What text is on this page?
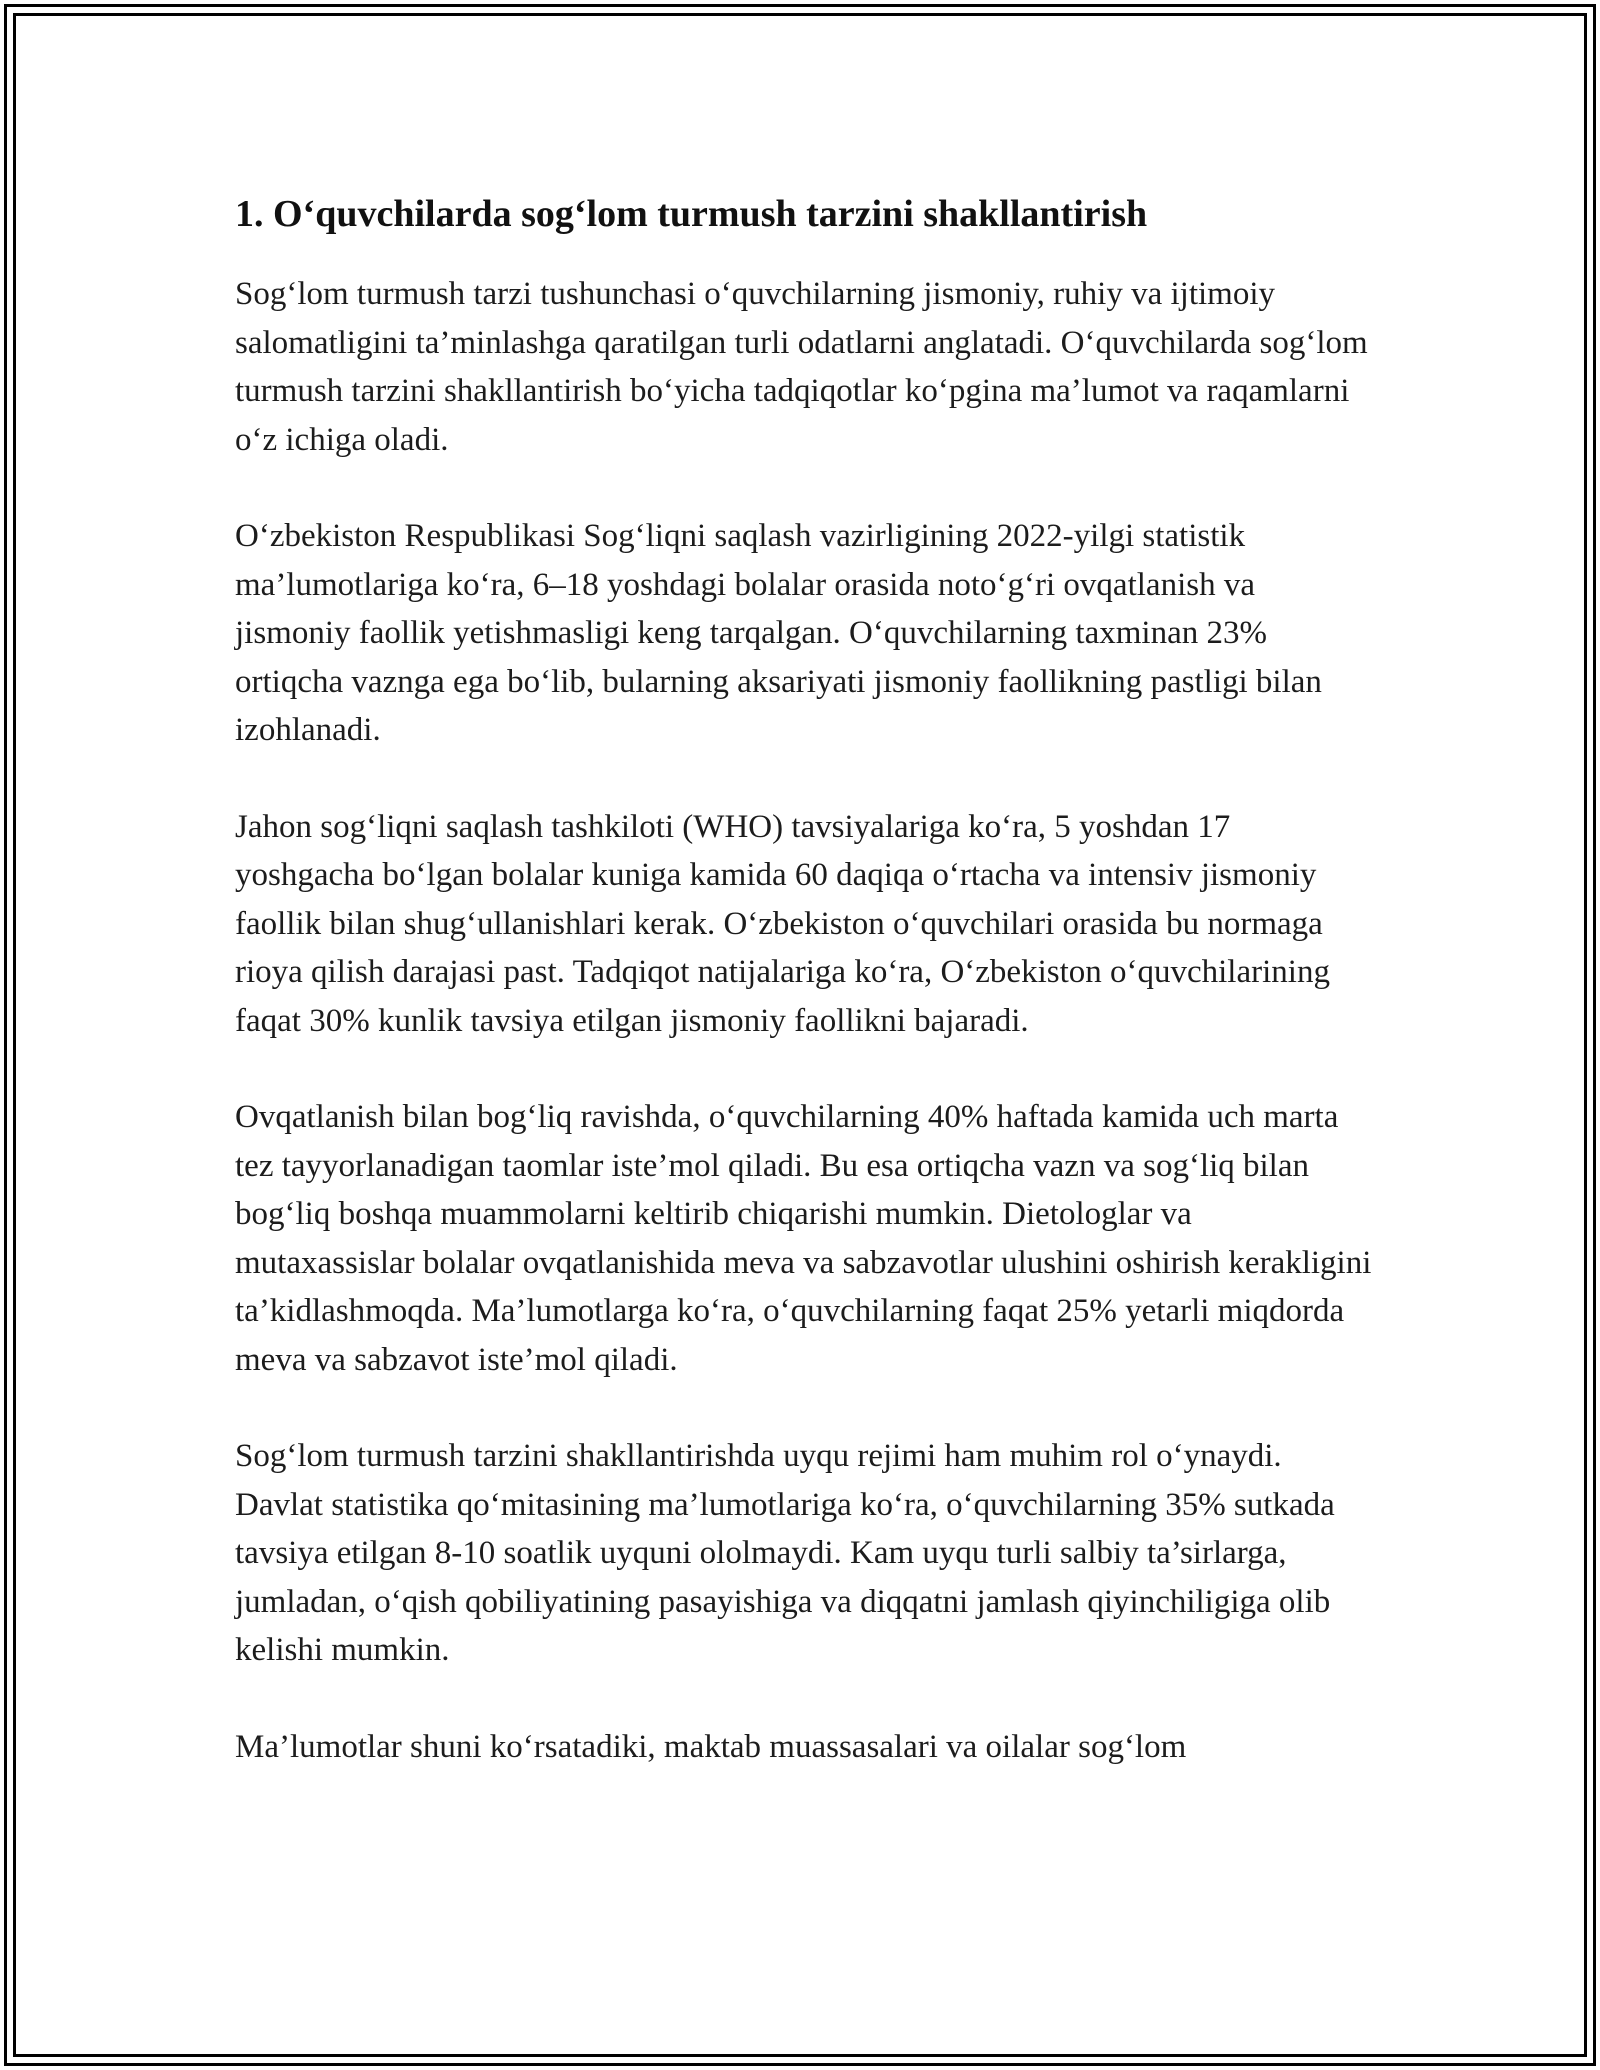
1. O‘quvchilarda sog‘lom turmush tarzini shakllantirish

Sog‘lom turmush tarzi tushunchasi o‘quvchilarning jismoniy, ruhiy va ijtimoiy salomatligini ta’minlashga qaratilgan turli odatlarni anglatadi. O‘quvchilarda sog‘lom turmush tarzini shakllantirish bo‘yicha tadqiqotlar ko‘pgina ma’lumot va raqamlarni o‘z ichiga oladi.

O‘zbekiston Respublikasi Sog‘liqni saqlash vazirligining 2022-yilgi statistik ma’lumotlariga ko‘ra, 6–18 yoshdagi bolalar orasida noto‘g‘ri ovqatlanish va jismoniy faollik yetishmasligi keng tarqalgan. O‘quvchilarning taxminan 23% ortiqcha vaznga ega bo‘lib, bularning aksariyati jismoniy faollikning pastligi bilan izohlanadi.

Jahon sog‘liqni saqlash tashkiloti (WHO) tavsiyalariga ko‘ra, 5 yoshdan 17 yoshgacha bo‘lgan bolalar kuniga kamida 60 daqiqa o‘rtacha va intensiv jismoniy faollik bilan shug‘ullanishlari kerak. O‘zbekiston o‘quvchilari orasida bu normaga rioya qilish darajasi past. Tadqiqot natijalariga ko‘ra, O‘zbekiston o‘quvchilarining faqat 30% kunlik tavsiya etilgan jismoniy faollikni bajaradi.

Ovqatlanish bilan bog‘liq ravishda, o‘quvchilarning 40% haftada kamida uch marta tez tayyorlanadigan taomlar iste’mol qiladi. Bu esa ortiqcha vazn va sog‘liq bilan bog‘liq boshqa muammolarni keltirib chiqarishi mumkin. Dietologlar va mutaxassislar bolalar ovqatlanishida meva va sabzavotlar ulushini oshirish kerakligini ta’kidlashmoqda. Ma’lumotlarga ko‘ra, o‘quvchilarning faqat 25% yetarli miqdorda meva va sabzavot iste’mol qiladi.

Sog‘lom turmush tarzini shakllantirishda uyqu rejimi ham muhim rol o‘ynaydi. Davlat statistika qo‘mitasining ma’lumotlariga ko‘ra, o‘quvchilarning 35% sutkada tavsiya etilgan 8-10 soatlik uyquni ololmaydi. Kam uyqu turli salbiy ta’sirlarga, jumladan, o‘qish qobiliyatining pasayishiga va diqqatni jamlash qiyinchiligiga olib kelishi mumkin.

Ma’lumotlar shuni ko‘rsatadiki, maktab muassasalari va oilalar sog‘lom
